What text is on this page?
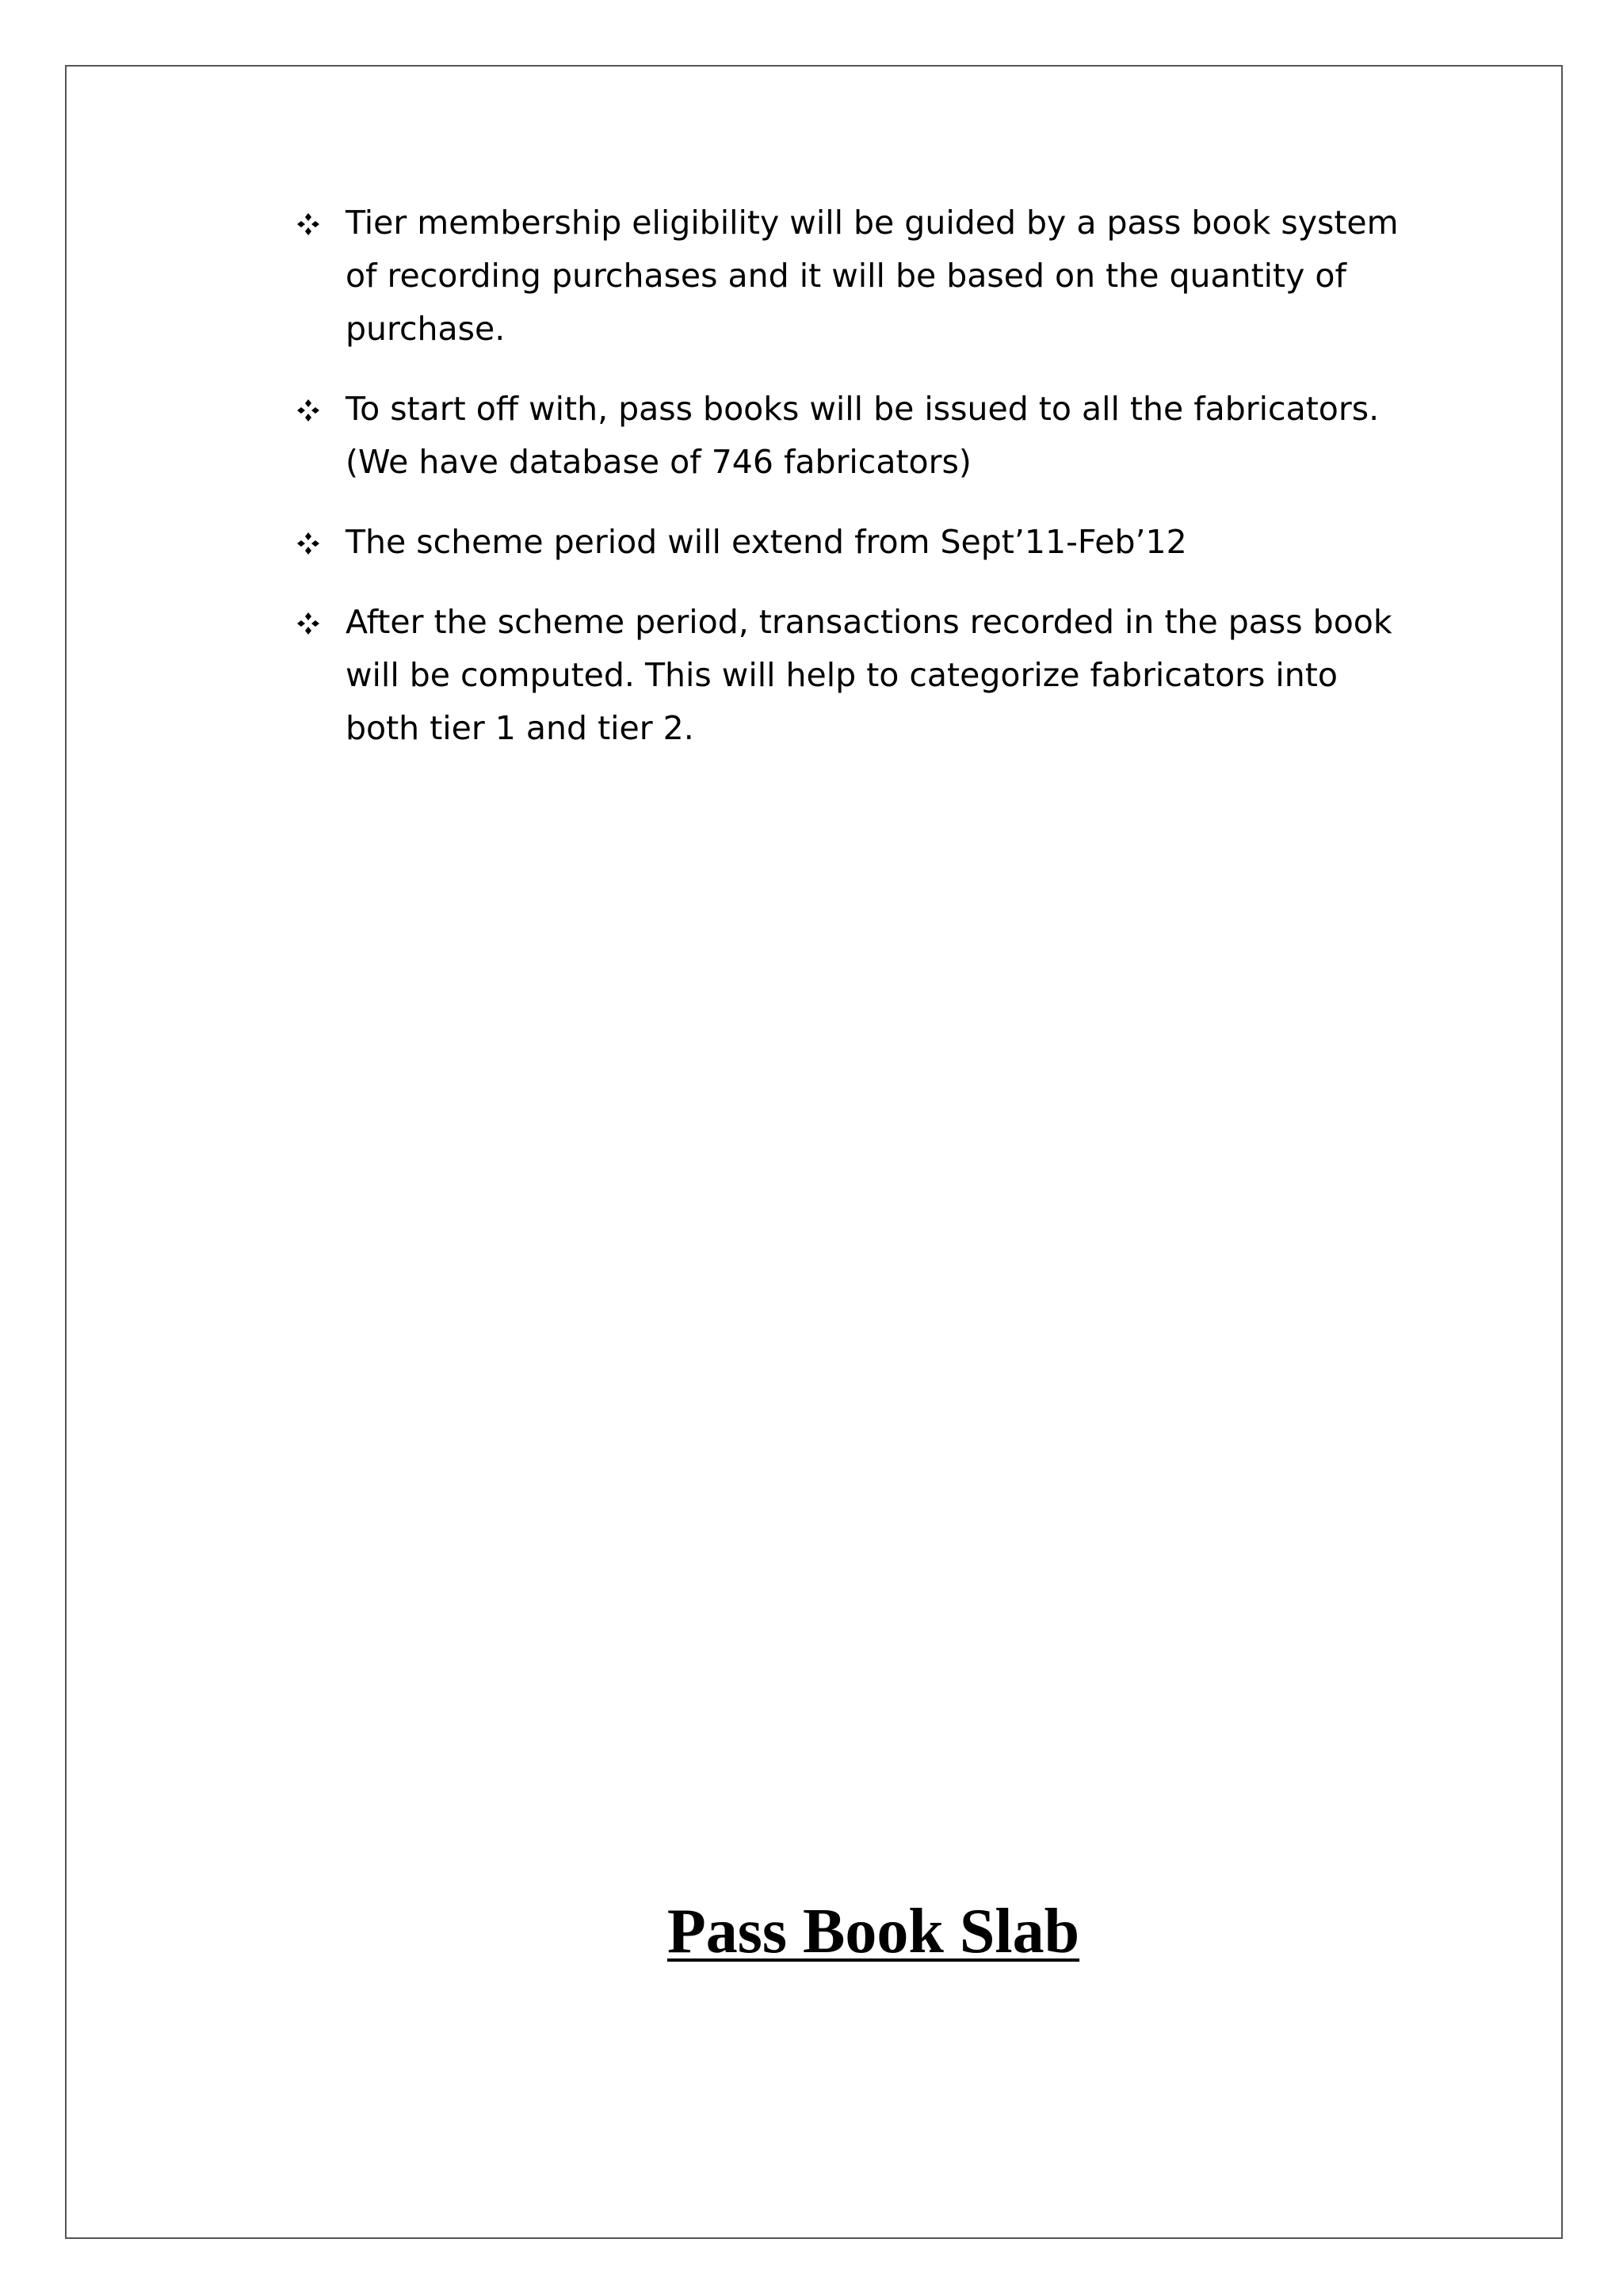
Tier membership eligibility will be guided by a pass book system of recording purchases and it will be based on the quantity of purchase.
To start off with, pass books will be issued to all the fabricators. (We have database of 746 fabricators)
The scheme period will extend from Sept’11-Feb’12
After the scheme period, transactions recorded in the pass book will be computed. This will help to categorize fabricators into both tier 1 and tier 2.
Pass Book Slab
